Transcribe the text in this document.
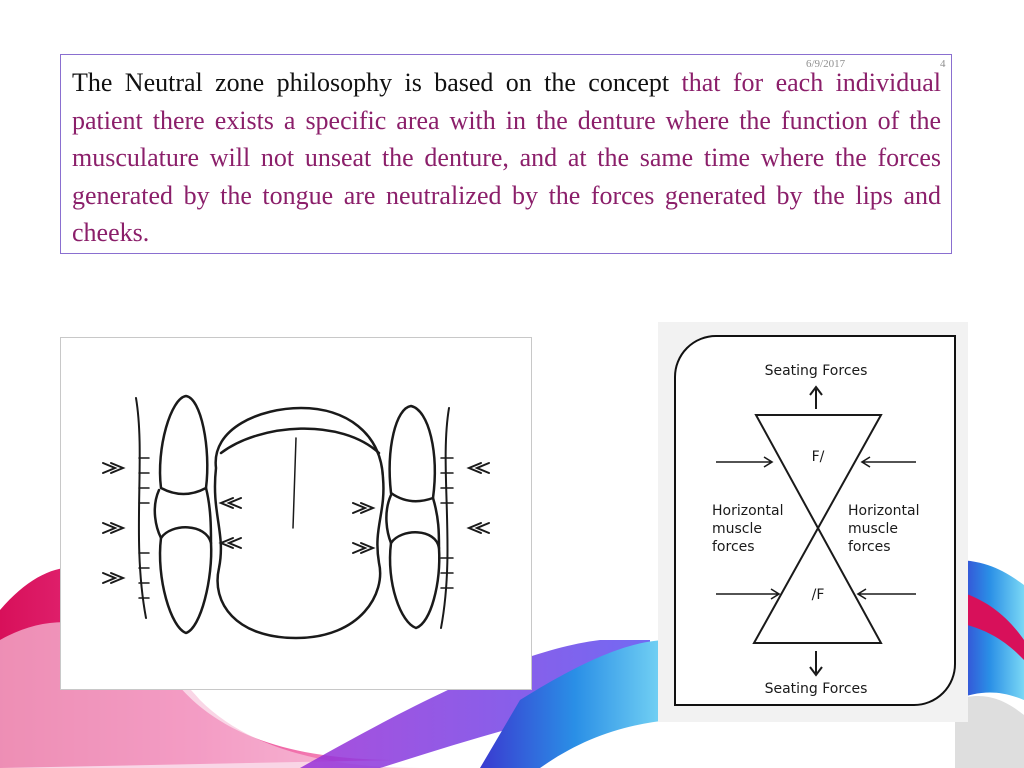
The Neutral zone philosophy is based on the concept that for each individual patient there exists a specific area with in the denture where the function of the musculature will not unseat the denture, and at the same time where the forces generated by the tongue are neutralized by the forces generated by the lips and cheeks.

6/9/2017	4
Seating Forces
F/
/F
Horizontal
muscle
forces
Horizontal
muscle
forces
Seating Forces
